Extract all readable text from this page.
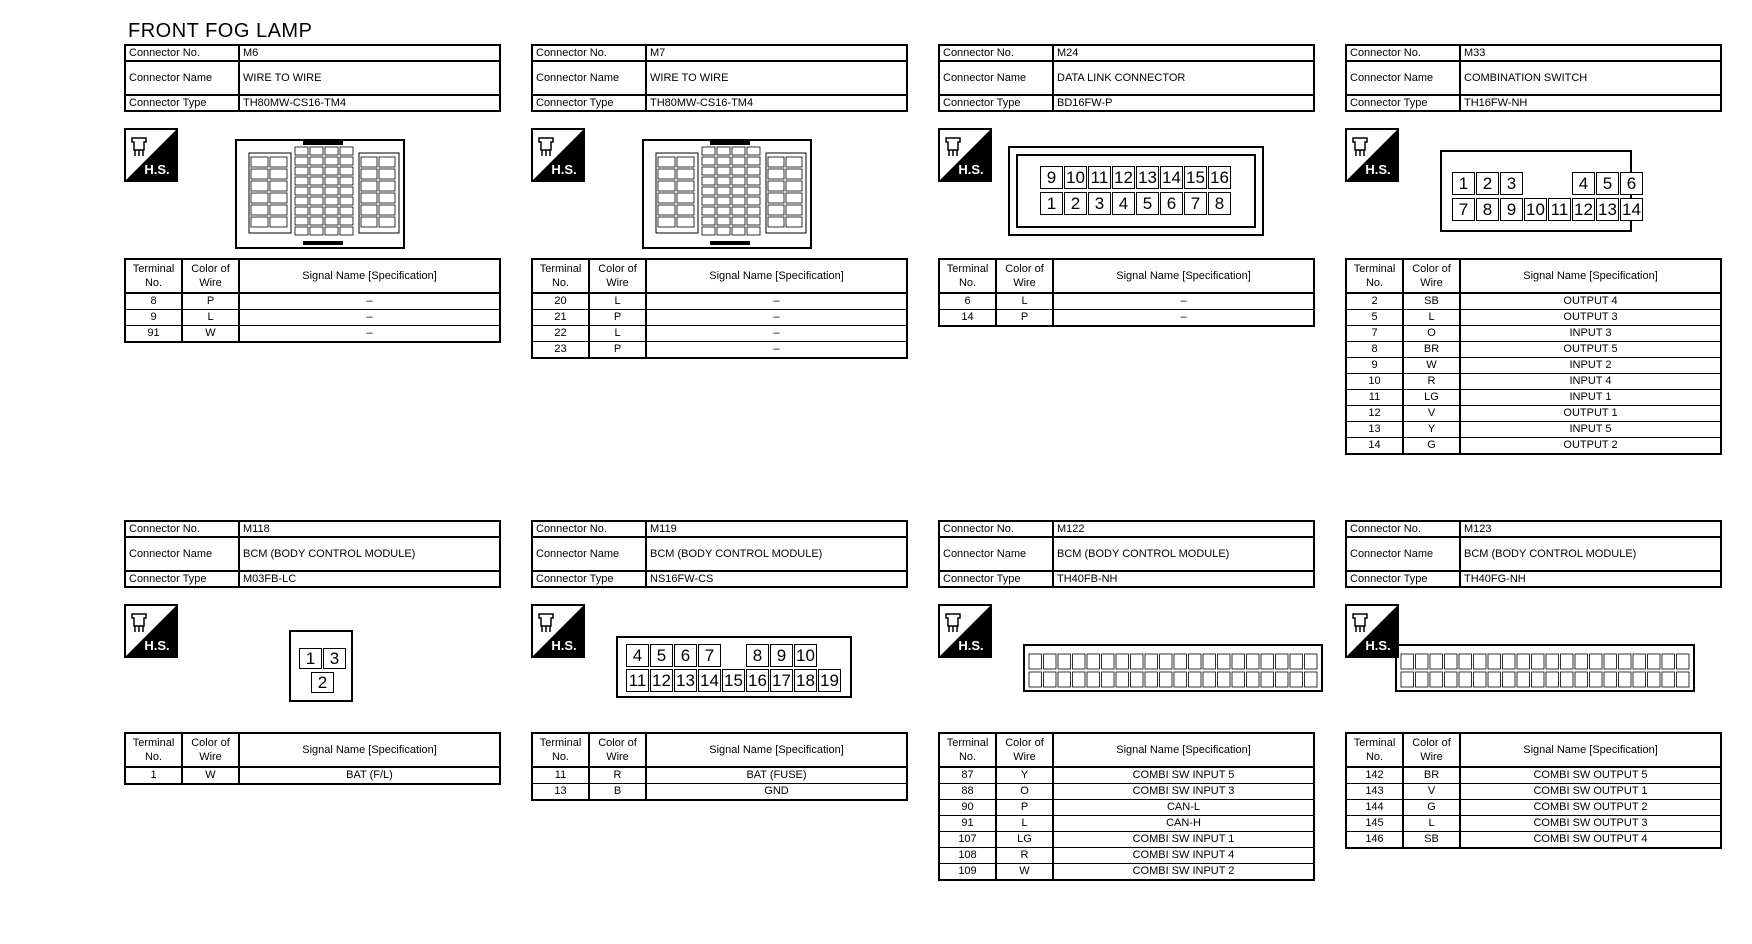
FRONT FOG LAMP
Connector No.	M6
Connector Name	WIRE TO WIRE
Connector Type	TH80MW-CS16-TM4
H.S.
Terminal No.	Color of Wire	Signal Name [Specification]
8	P	–
9	L	–
91	W	–
Connector No.	M7
Connector Name	WIRE TO WIRE
Connector Type	TH80MW-CS16-TM4
H.S.
Terminal No.	Color of Wire	Signal Name [Specification]
20	L	–
21	P	–
22	L	–
23	P	–
Connector No.	M24
Connector Name	DATA LINK CONNECTOR
Connector Type	BD16FW-P
H.S.	9 10 11 12 13 14 15 16
1 2 3 4 5 6 7 8
Terminal No.	Color of Wire	Signal Name [Specification]
6	L	–
14	P	–
Connector No.	M33
Connector Name	COMBINATION SWITCH
Connector Type	TH16FW-NH
H.S.
1 2 3	4 5 6
7 8 9 10 11 12 13 14
Terminal No.	Color of Wire	Signal Name [Specification]
2	SB	OUTPUT 4
5	L	OUTPUT 3
7	O	INPUT 3
8	BR	OUTPUT 5
9	W	INPUT 2
10	R	INPUT 4
11	LG	INPUT 1
12	V	OUTPUT 1
13	Y	INPUT 5
14	G	OUTPUT 2
Connector No.	M118
Connector Name	BCM (BODY CONTROL MODULE)
Connector Type	M03FB-LC
H.S.
1 3
2
Terminal No.	Color of Wire	Signal Name [Specification]
1	W	BAT (F/L)
Connector No.	M119
Connector Name	BCM (BODY CONTROL MODULE)
Connector Type	NS16FW-CS
H.S.
4 5 6 7	8 9 10
11 12 13 14 15 16 17 18 19
Terminal No.	Color of Wire	Signal Name [Specification]
11	R	BAT (FUSE)
13	B	GND
Connector No.	M122
Connector Name	BCM (BODY CONTROL MODULE)
Connector Type	TH40FB-NH
H.S.
Terminal No.	Color of Wire	Signal Name [Specification]
87	Y	COMBI SW INPUT 5
88	O	COMBI SW INPUT 3
90	P	CAN-L
91	L	CAN-H
107	LG	COMBI SW INPUT 1
108	R	COMBI SW INPUT 4
109	W	COMBI SW INPUT 2
Connector No.	M123
Connector Name	BCM (BODY CONTROL MODULE)
Connector Type	TH40FG-NH
H.S.
Terminal No.	Color of Wire	Signal Name [Specification]
142	BR	COMBI SW OUTPUT 5
143	V	COMBI SW OUTPUT 1
144	G	COMBI SW OUTPUT 2
145	L	COMBI SW OUTPUT 3
146	SB	COMBI SW OUTPUT 4
